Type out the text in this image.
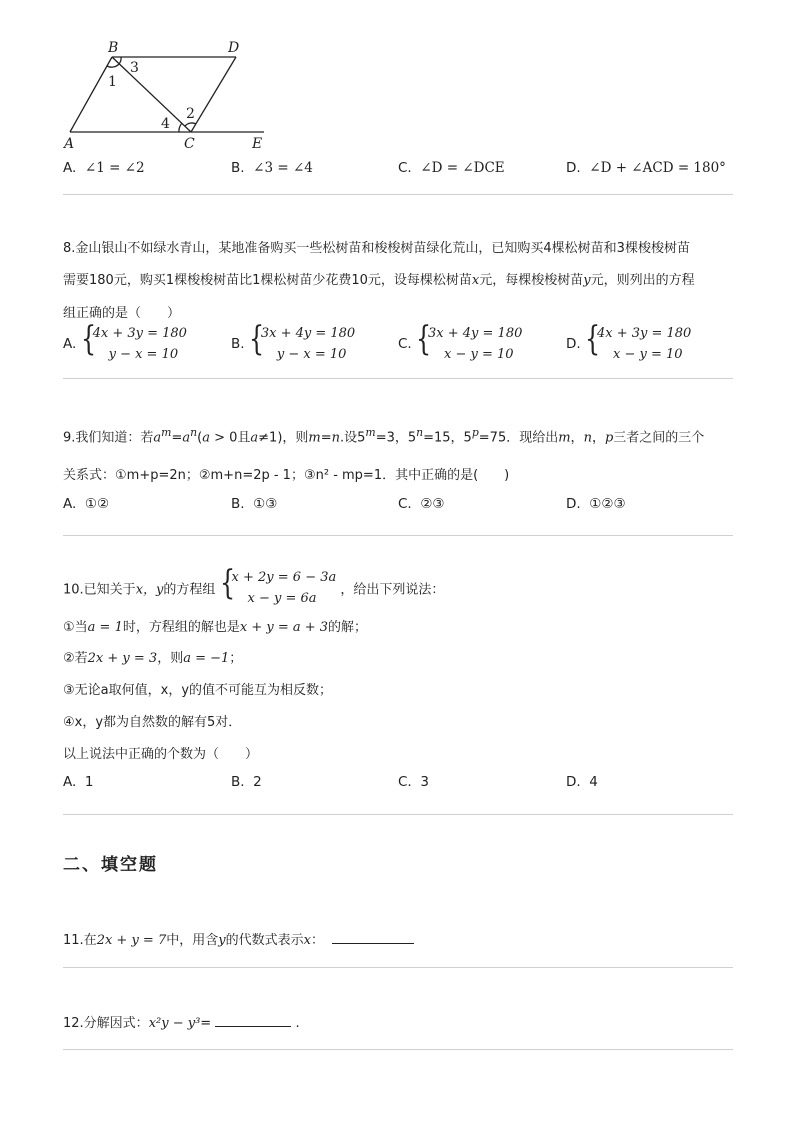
B	D
A	C	E
1
3
2
4
A. ∠1 = ∠2	B. ∠3 = ∠4	C. ∠D = ∠DCE	D. ∠D + ∠ACD = 180°
8.金山银山不如绿水青山，某地准备购买一些松树苗和梭梭树苗绿化荒山，已知购买4棵松树苗和3棵梭梭树苗
需要180元，购买1棵梭梭树苗比1棵松树苗少花费10元，设每棵松树苗x元，每棵梭梭树苗y元，则列出的方程
组正确的是（　　）
A. {
4x + 3y = 180
y − x = 10
B. {
3x + 4y = 180
y − x = 10
C. {
3x + 4y = 180
x − y = 10
D. {
4x + 3y = 180
x − y = 10
9.我们知道：若$a^m=a^n(a > 0$且a≠1)，则m=n.设$5^m=3$，$5^n=15$，$5^p=75$．现给出m，n，p三者之间的三个
关系式：①m+p=2n；②m+n=2p - 1；③n² - mp=1．其中正确的是(　　)
A. ①②	B. ①③	C. ②③	D. ①②③
10.已知关于x，y的方程组 {
x + 2y = 6 − 3a
x − y = 6a
，给出下列说法：
①当a = 1时，方程组的解也是x + y = a + 3的解；
②若2x + y = 3，则a = −1；
③无论a取何值，x，y的值不可能互为相反数；
④x，y都为自然数的解有5对．
以上说法中正确的个数为（　　）
A. 1	B. 2	C. 3	D. 4
二、填空题
11.在2x + y = 7中，用含y的代数式表示x：
12.分解因式：x²y − y³=	.
